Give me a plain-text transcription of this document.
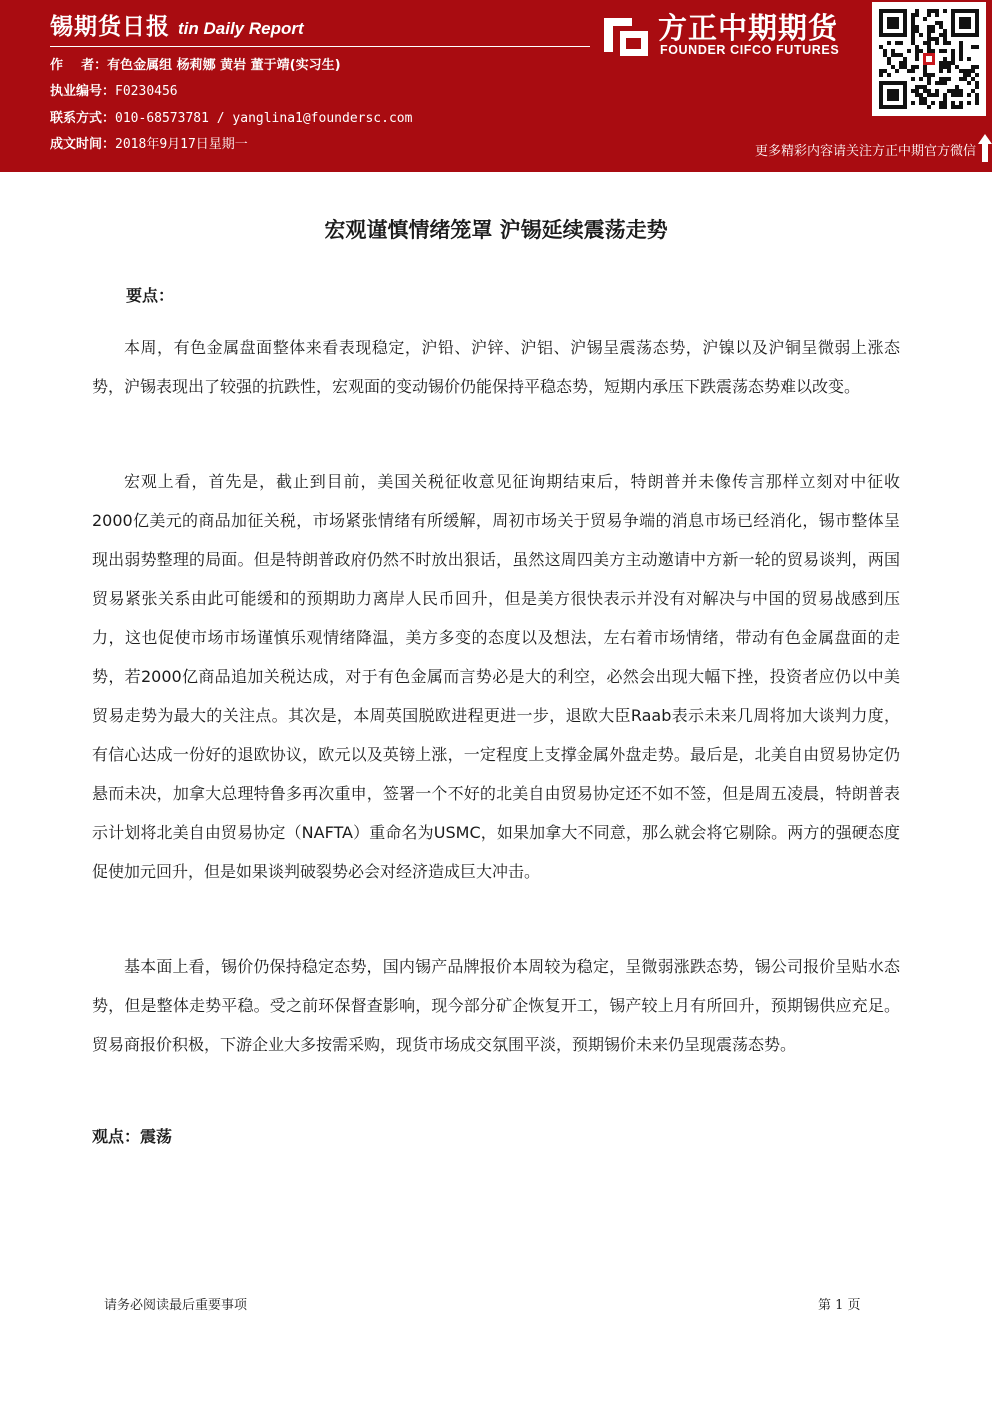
锡期货日报 tin Daily Report
作    者：有色金属组 杨莉娜 黄岩 董于靖(实习生)
执业编号：F0230456
联系方式：010-68573781 / yanglina1@foundersc.com
成文时间：2018年9月17日星期一
方正中期期货
FOUNDER CIFCO FUTURES
更多精彩内容请关注方正中期官方微信
宏观谨慎情绪笼罩 沪锡延续震荡走势
要点：

本周，有色金属盘面整体来看表现稳定，沪铅、沪锌、沪铝、沪锡呈震荡态势，沪镍以及沪铜呈微弱上涨态势，沪锡表现出了较强的抗跌性，宏观面的变动锡价仍能保持平稳态势，短期内承压下跌震荡态势难以改变。

宏观上看，首先是，截止到目前，美国关税征收意见征询期结束后，特朗普并未像传言那样立刻对中征收2000亿美元的商品加征关税，市场紧张情绪有所缓解，周初市场关于贸易争端的消息市场已经消化，锡市整体呈现出弱势整理的局面。但是特朗普政府仍然不时放出狠话，虽然这周四美方主动邀请中方新一轮的贸易谈判，两国贸易紧张关系由此可能缓和的预期助力离岸人民币回升，但是美方很快表示并没有对解决与中国的贸易战感到压力，这也促使市场市场谨慎乐观情绪降温，美方多变的态度以及想法，左右着市场情绪，带动有色金属盘面的走势，若2000亿商品追加关税达成，对于有色金属而言势必是大的利空，必然会出现大幅下挫，投资者应仍以中美贸易走势为最大的关注点。其次是，本周英国脱欧进程更进一步，退欧大臣Raab表示未来几周将加大谈判力度，有信心达成一份好的退欧协议，欧元以及英镑上涨，一定程度上支撑金属外盘走势。最后是，北美自由贸易协定仍悬而未决，加拿大总理特鲁多再次重申，签署一个不好的北美自由贸易协定还不如不签，但是周五凌晨，特朗普表示计划将北美自由贸易协定（NAFTA）重命名为USMC，如果加拿大不同意，那么就会将它剔除。两方的强硬态度促使加元回升，但是如果谈判破裂势必会对经济造成巨大冲击。

基本面上看，锡价仍保持稳定态势，国内锡产品牌报价本周较为稳定，呈微弱涨跌态势，锡公司报价呈贴水态势，但是整体走势平稳。受之前环保督查影响，现今部分矿企恢复开工，锡产较上月有所回升，预期锡供应充足。贸易商报价积极，下游企业大多按需采购，现货市场成交氛围平淡，预期锡价未来仍呈现震荡态势。

观点：震荡
请务必阅读最后重要事项	第 1 页
